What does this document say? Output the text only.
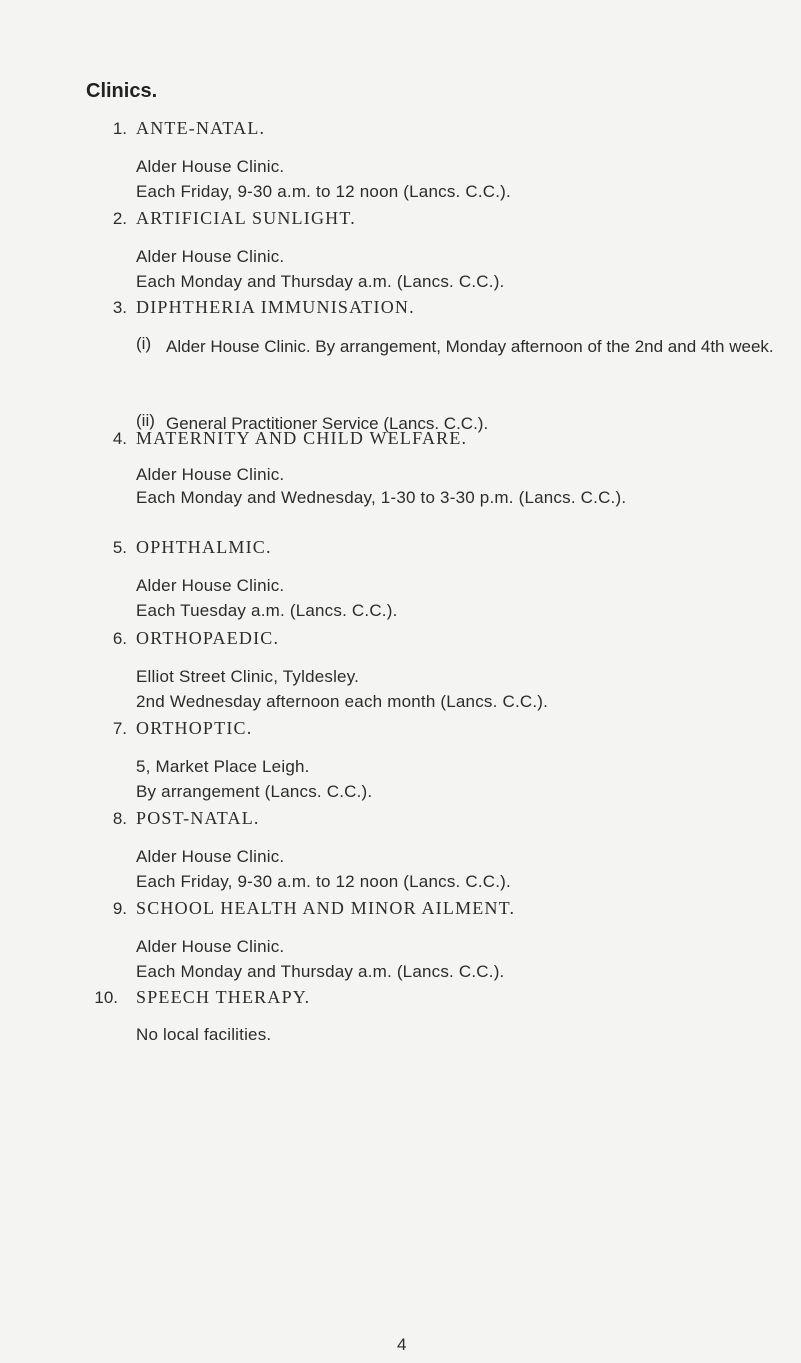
Clinics.
1. ANTE-NATAL.
Alder House Clinic.
Each Friday, 9-30 a.m. to 12 noon (Lancs. C.C.).
2. ARTIFICIAL SUNLIGHT.
Alder House Clinic.
Each Monday and Thursday a.m. (Lancs. C.C.).
3. DIPHTHERIA IMMUNISATION.
(i) Alder House Clinic. By arrangement, Monday afternoon of the 2nd and 4th week.
(ii) General Practitioner Service (Lancs. C.C.).
4. MATERNITY AND CHILD WELFARE.
Alder House Clinic.
Each Monday and Wednesday, 1-30 to 3-30 p.m. (Lancs. C.C.).
5. OPHTHALMIC.
Alder House Clinic.
Each Tuesday a.m. (Lancs. C.C.).
6. ORTHOPAEDIC.
Elliot Street Clinic, Tyldesley.
2nd Wednesday afternoon each month (Lancs. C.C.).
7. ORTHOPTIC.
5, Market Place Leigh.
By arrangement (Lancs. C.C.).
8. POST-NATAL.
Alder House Clinic.
Each Friday, 9-30 a.m. to 12 noon (Lancs. C.C.).
9. SCHOOL HEALTH AND MINOR AILMENT.
Alder House Clinic.
Each Monday and Thursday a.m. (Lancs. C.C.).
10. SPEECH THERAPY.
No local facilities.
4
